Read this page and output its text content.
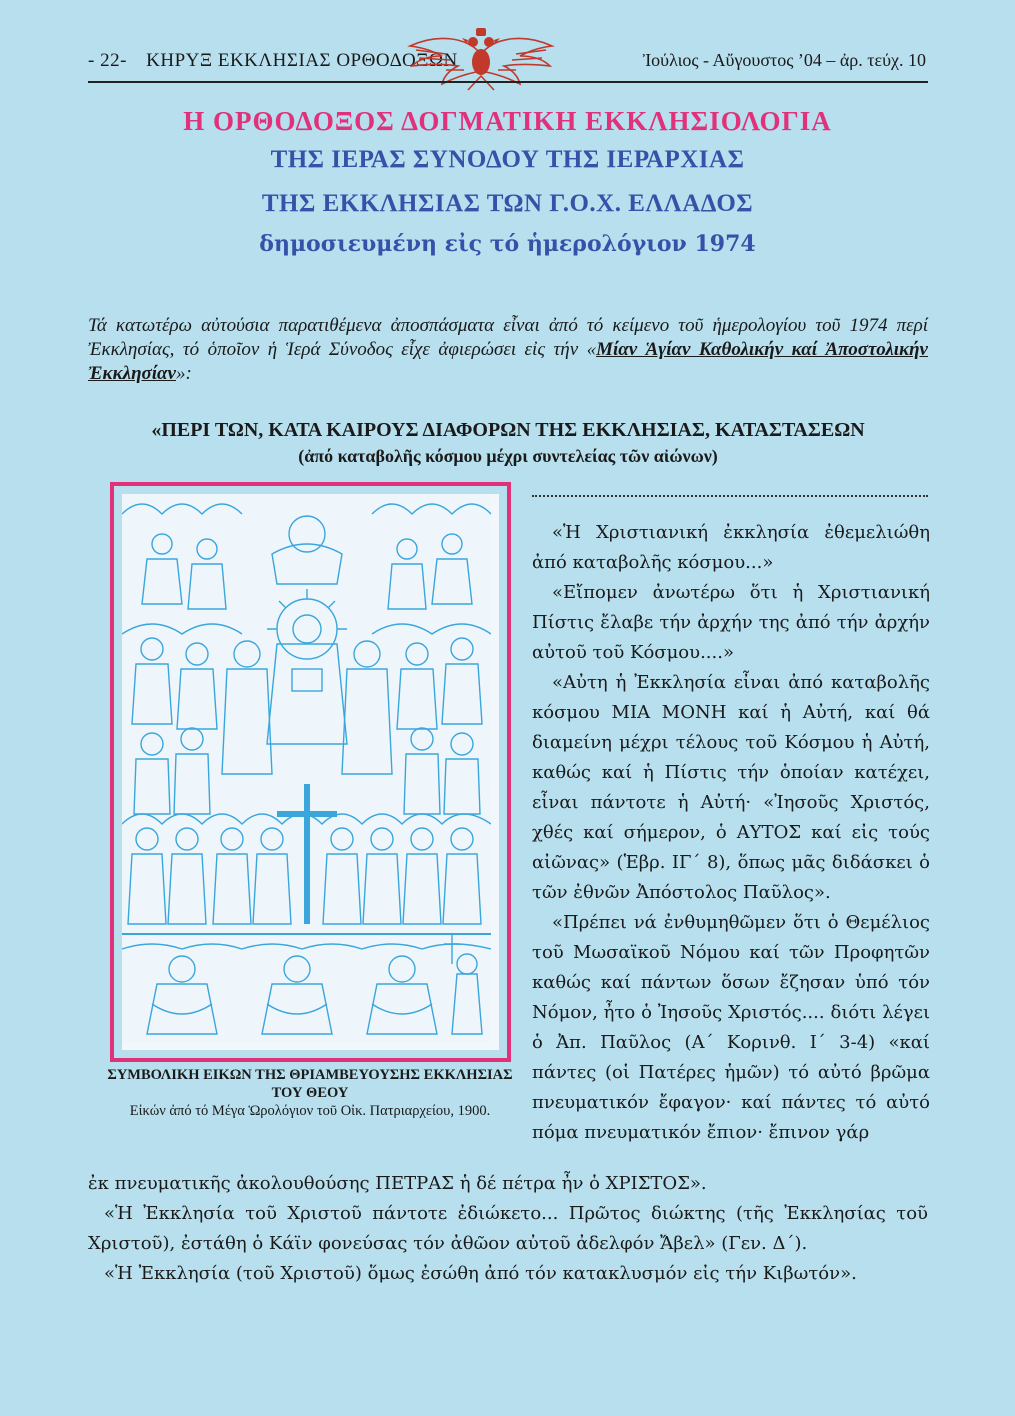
- 22- ΚΗΡΥΞ ΕΚΚΛΗΣΙΑΣ ΟΡΘΟΔΟΞΩΝ	Ἰούλιος - Αὔγουστος ’04 – ἀρ. τεύχ. 10

Η ΟΡΘΟΔΟΞΟΣ ΔΟΓΜΑΤΙΚΗ ΕΚΚΛΗΣΙΟΛΟΓΙΑ

ΤΗΣ ΙΕΡΑΣ ΣΥΝΟΔΟΥ ΤΗΣ ΙΕΡΑΡΧΙΑΣ

ΤΗΣ ΕΚΚΛΗΣΙΑΣ ΤΩΝ Γ.Ο.Χ. ΕΛΛΑΔΟΣ

δημοσιευμένη εἰς τό ἡμερολόγιον 1974

Τά κατωτέρω αὐτούσια παρατιθέμενα ἀποσπάσματα εἶναι ἀπό τό κείμενο τοῦ ἡμερολογίου τοῦ 1974 περί Ἐκκλησίας, τό ὁποῖον ἡ Ἱερά Σύνοδος εἶχε ἀφιερώσει εἰς τήν «Μίαν Ἁγίαν Καθολικήν καί Ἀποστολικήν Ἐκκλησίαν»:
«ΠΕΡΙ ΤΩΝ, ΚΑΤΑ ΚΑΙΡΟΥΣ ΔΙΑΦΟΡΩΝ ΤΗΣ ΕΚΚΛΗΣΙΑΣ, ΚΑΤΑΣΤΑΣΕΩΝ
(ἀπό καταβολῆς κόσμου μέχρι συντελείας τῶν αἰώνων)
ΣΥΜΒΟΛΙΚΗ ΕΙΚΩΝ ΤΗΣ ΘΡΙΑΜΒΕΥΟΥΣΗΣ ΕΚΚΛΗΣΙΑΣ ΤΟΥ ΘΕΟΥ
Εἰκών ἀπό τό Μέγα Ὡρολόγιον τοῦ Οἰκ. Πατριαρχείου, 1900.

«Ἡ Χριστιανική ἐκκλησία ἐθεμελιώθη ἀπό καταβολῆς κόσμου...»

«Εἴπομεν ἀνωτέρω ὅτι ἡ Χριστιανική Πίστις ἔλαβε τήν ἀρχήν της ἀπό τήν ἀρχήν αὐτοῦ τοῦ Κόσμου....»

«Αὐτη ἡ Ἐκκλησία εἶναι ἀπό καταβολῆς κόσμου ΜΙΑ ΜΟΝΗ καί ἡ Αὐτή, καί θά διαμείνη μέχρι τέλους τοῦ Κόσμου ἡ Αὐτή, καθώς καί ἡ Πίστις τήν ὁποίαν κατέχει, εἶναι πάντοτε ἡ Αὐτή· «Ἰησοῦς Χριστός, χθές καί σήμερον, ὁ ΑΥΤΟΣ καί εἰς τούς αἰῶνας» (Ἑβρ. ΙΓ΄ 8), ὅπως μᾶς διδάσκει ὁ τῶν ἐθνῶν Ἀπόστολος Παῦλος».

«Πρέπει νά ἐνθυμηθῶμεν ὅτι ὁ Θεμέλιος τοῦ Μωσαϊκοῦ Νόμου καί τῶν Προφητῶν καθώς καί πάντων ὅσων ἔζησαν ὑπό τόν Νόμον, ἦτο ὁ Ἰησοῦς Χριστός.... διότι λέγει ὁ Ἀπ. Παῦλος (Α΄ Κορινθ. Ι΄ 3-4) «καί πάντες (οἱ Πατέρες ἡμῶν) τό αὐτό βρῶμα πνευματικόν ἔφαγον· καί πάντες τό αὐτό πόμα πνευματικόν ἔπιον· ἔπινον γάρ

ἐκ πνευματικῆς ἀκολουθούσης ΠΕΤΡΑΣ ἡ δέ πέτρα ἦν ὁ ΧΡΙΣΤΟΣ».

«Ἡ Ἐκκλησία τοῦ Χριστοῦ πάντοτε ἐδιώκετο... Πρῶτος διώκτης (τῆς Ἐκκλησίας τοῦ Χριστοῦ), ἐστάθη ὁ Κάϊν φονεύσας τόν ἀθῶον αὐτοῦ ἀδελφόν Ἄβελ» (Γεν. Δ΄).

«Ἡ Ἐκκλησία (τοῦ Χριστοῦ) ὅμως ἐσώθη ἀπό τόν κατακλυσμόν εἰς τήν Κιβωτόν».
